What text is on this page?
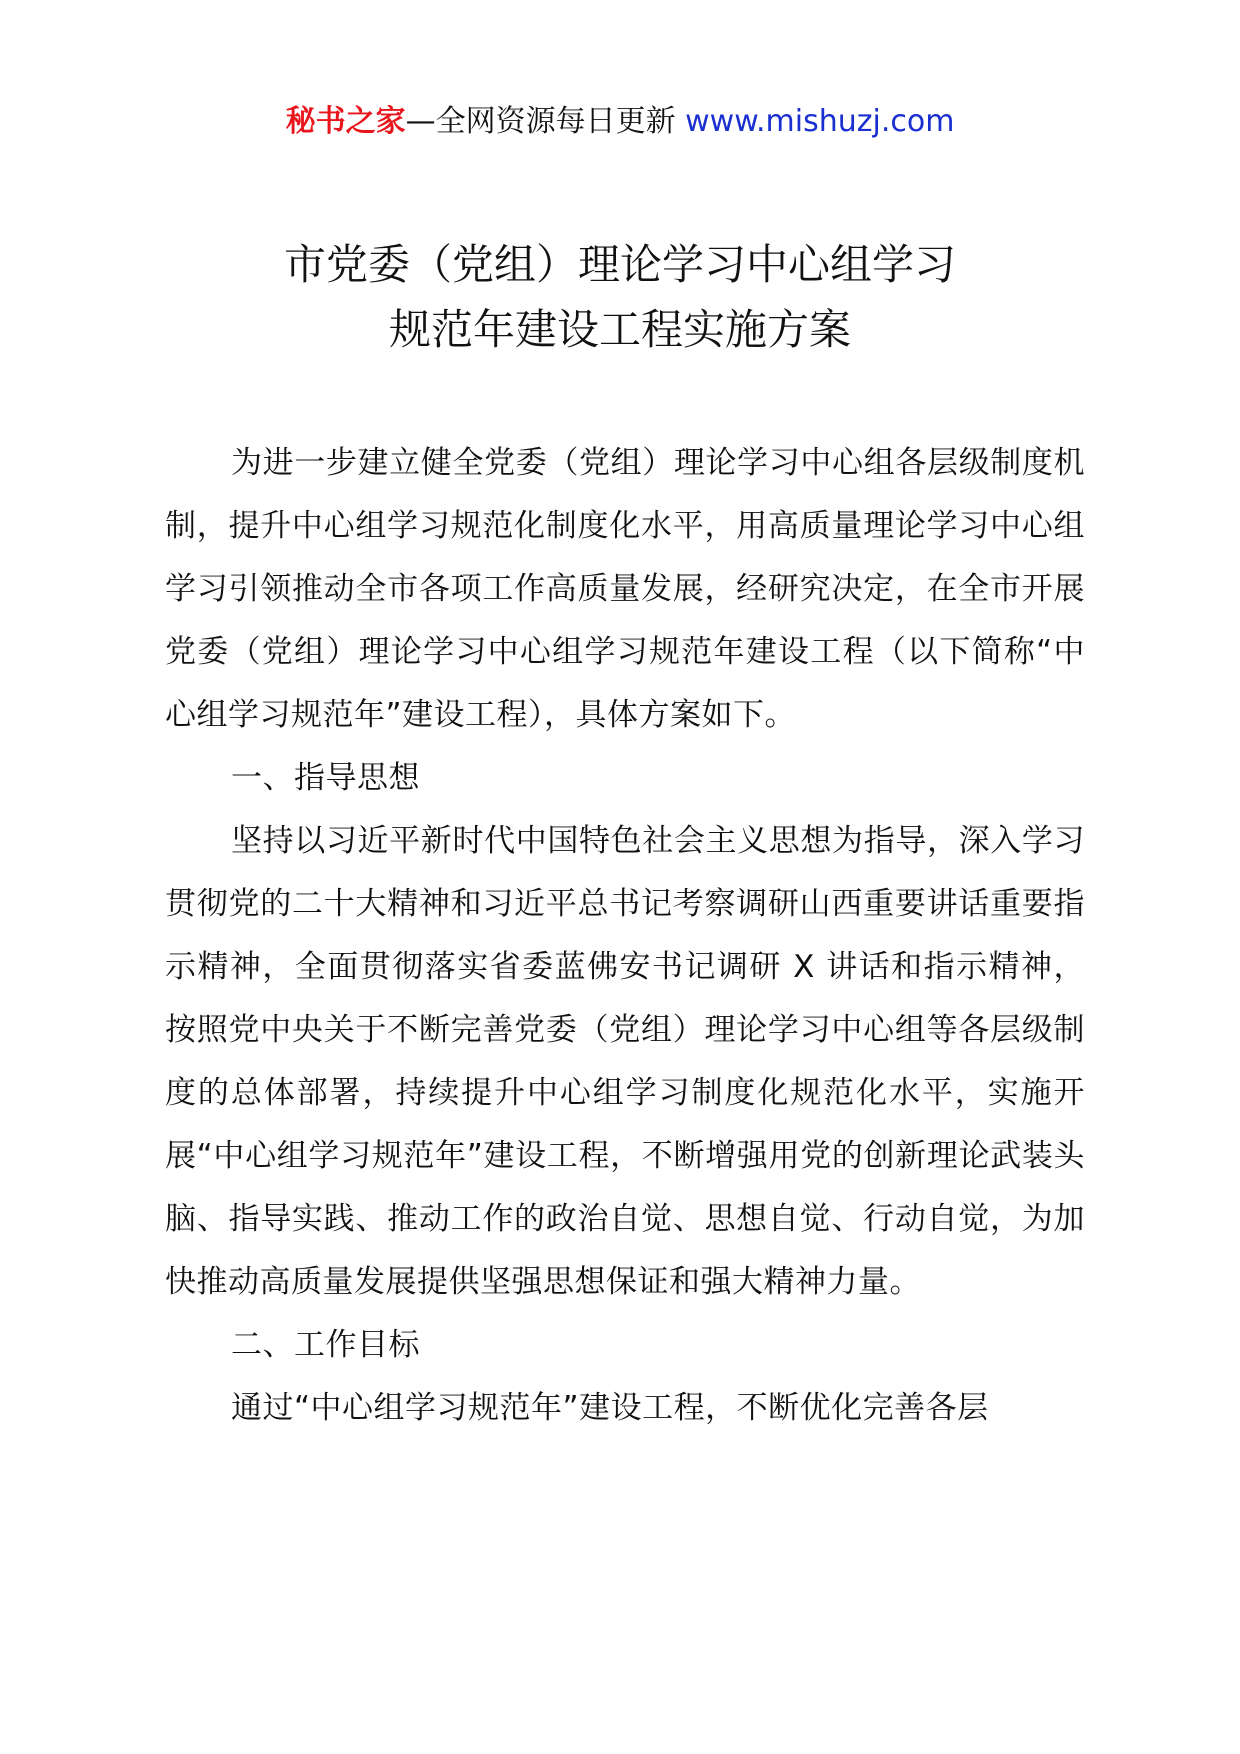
秘书之家—全网资源每日更新 www.mishuzj.com
市党委（党组）理论学习中心组学习
规范年建设工程实施方案

为进一步建立健全党委（党组）理论学习中心组各层级制度机制，提升中心组学习规范化制度化水平，用高质量理论学习中心组学习引领推动全市各项工作高质量发展，经研究决定，在全市开展党委（党组）理论学习中心组学习规范年建设工程（以下简称“中心组学习规范年”建设工程），具体方案如下。

一、指导思想

坚持以习近平新时代中国特色社会主义思想为指导，深入学习贯彻党的二十大精神和习近平总书记考察调研山西重要讲话重要指示精神，全面贯彻落实省委蓝佛安书记调研 X 讲话和指示精神，按照党中央关于不断完善党委（党组）理论学习中心组等各层级制度的总体部署，持续提升中心组学习制度化规范化水平，实施开展“中心组学习规范年”建设工程，不断增强用党的创新理论武装头脑、指导实践、推动工作的政治自觉、思想自觉、行动自觉，为加快推动高质量发展提供坚强思想保证和强大精神力量。

二、工作目标

通过“中心组学习规范年”建设工程，不断优化完善各层
